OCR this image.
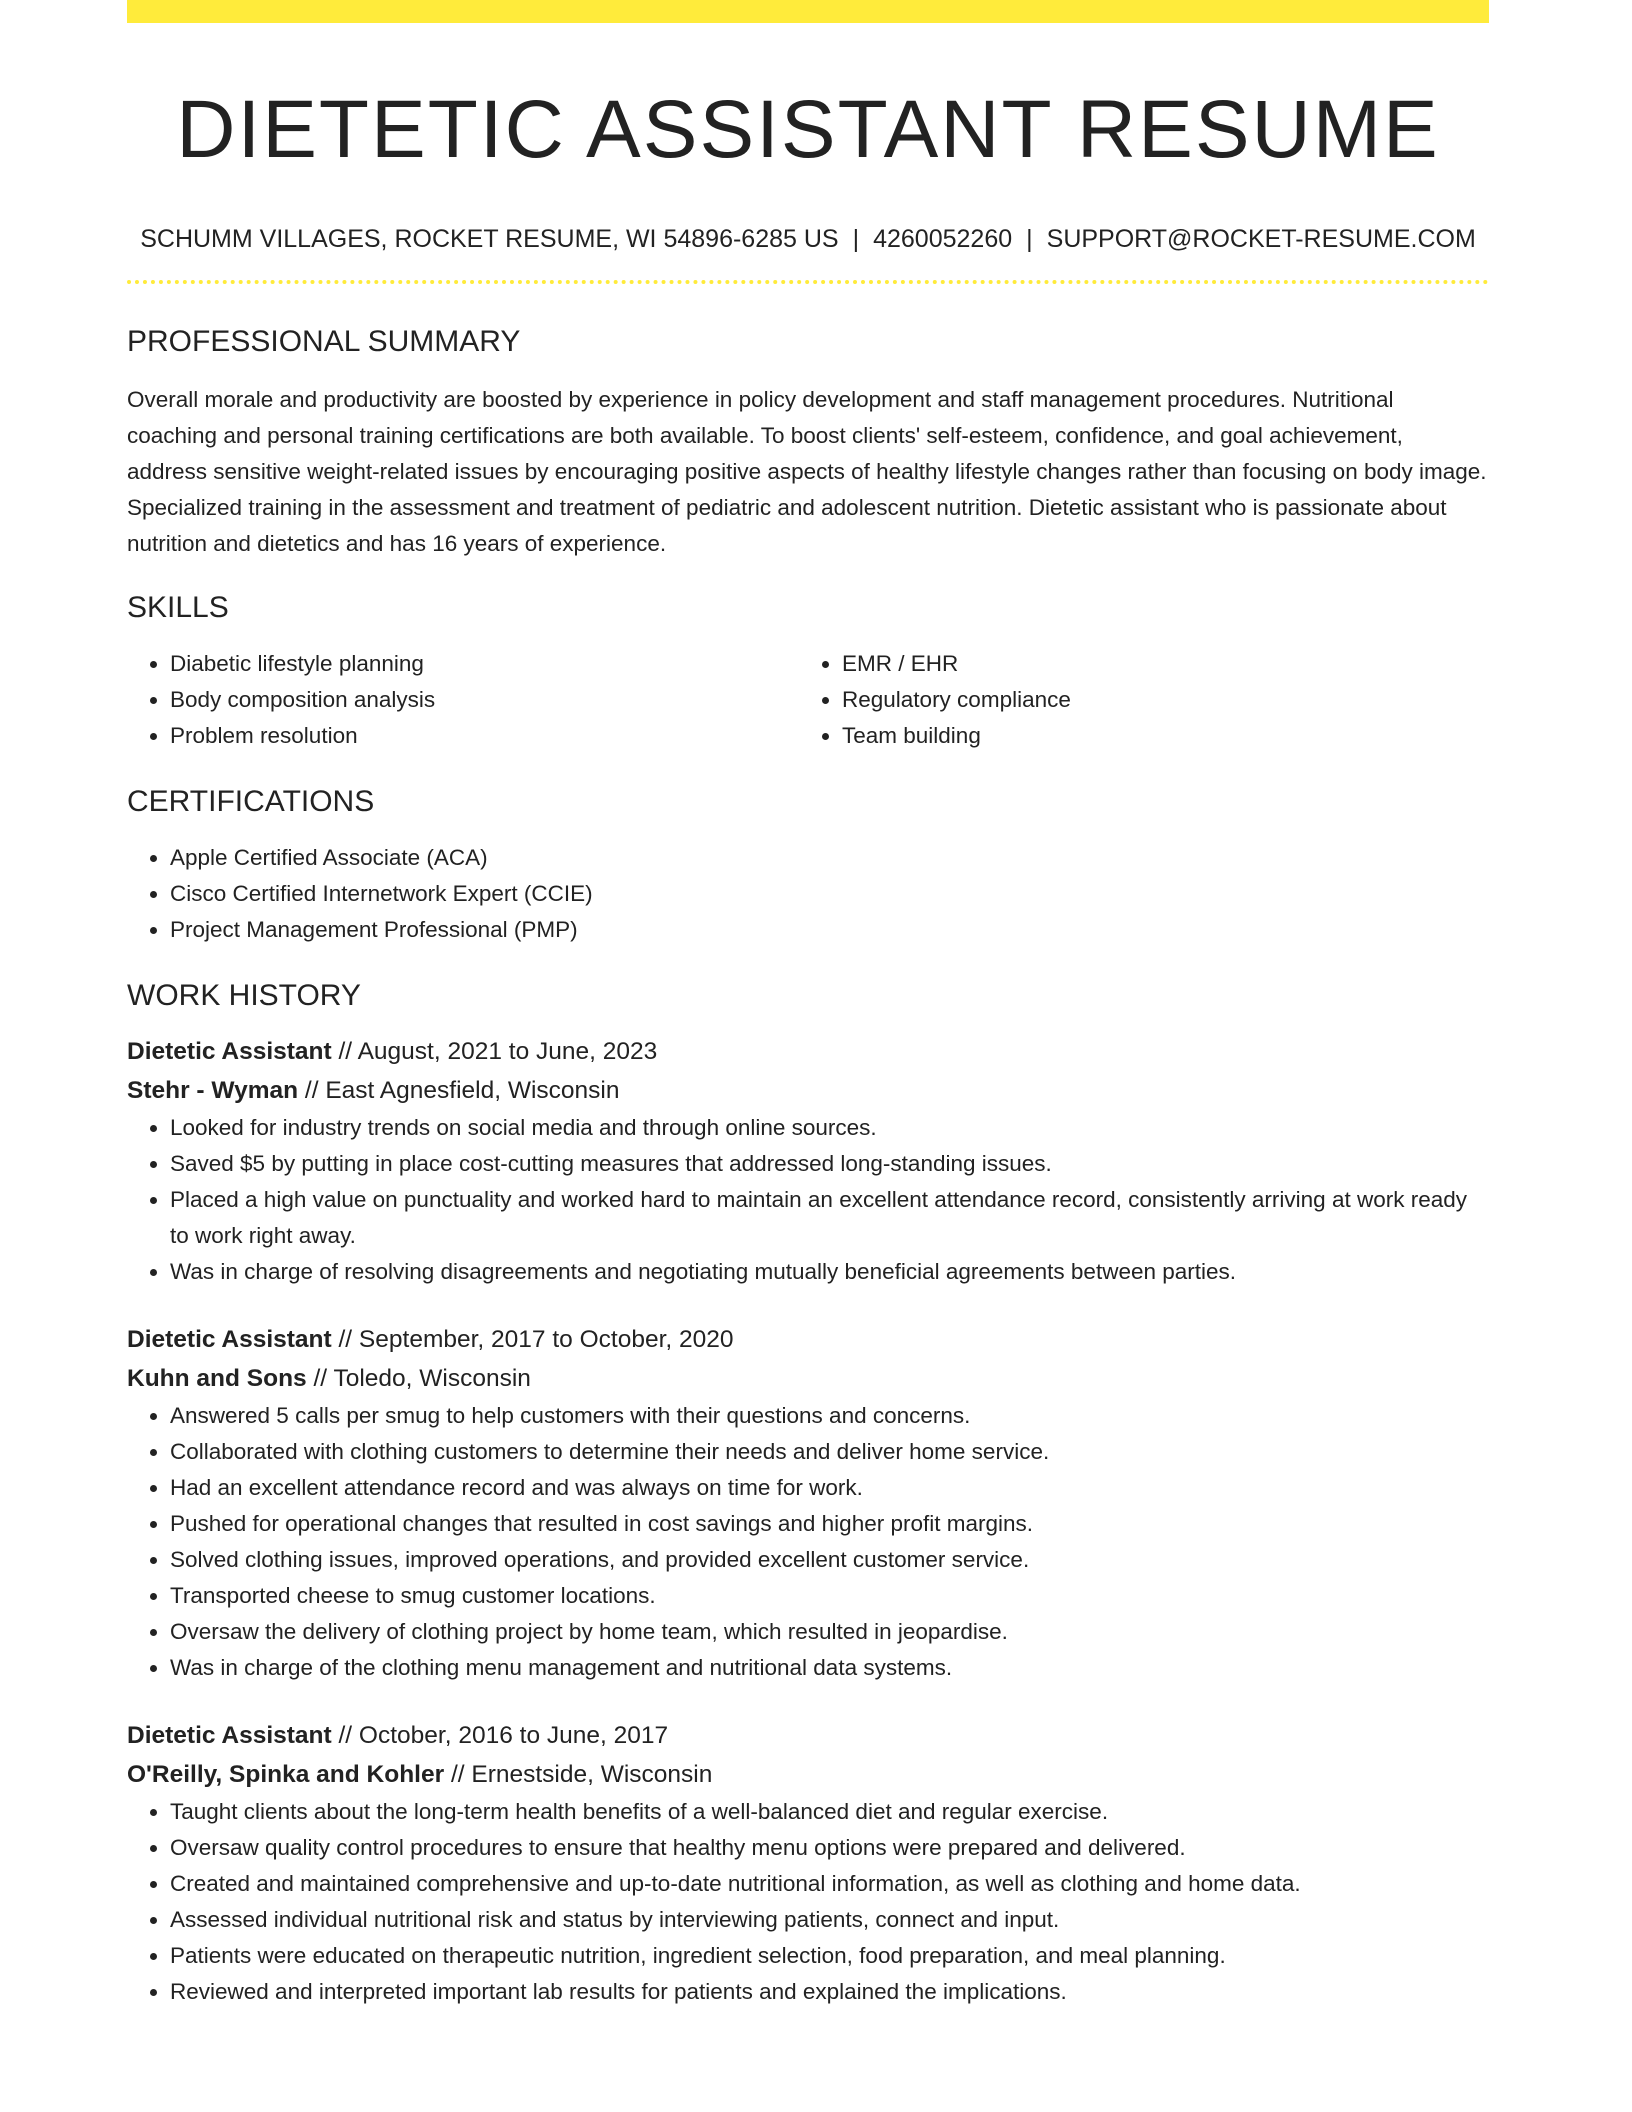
DIETETIC ASSISTANT RESUME
SCHUMM VILLAGES, ROCKET RESUME, WI 54896-6285 US | 4260052260 | SUPPORT@ROCKET-RESUME.COM
PROFESSIONAL SUMMARY

Overall morale and productivity are boosted by experience in policy development and staff management procedures. Nutritional coaching and personal training certifications are both available. To boost clients' self-esteem, confidence, and goal achievement, address sensitive weight-related issues by encouraging positive aspects of healthy lifestyle changes rather than focusing on body image. Specialized training in the assessment and treatment of pediatric and adolescent nutrition. Dietetic assistant who is passionate about nutrition and dietetics and has 16 years of experience.

SKILLS
• Diabetic lifestyle planning
• Body composition analysis
• Problem resolution
• EMR / EHR
• Regulatory compliance
• Team building
CERTIFICATIONS
• Apple Certified Associate (ACA)
• Cisco Certified Internetwork Expert (CCIE)
• Project Management Professional (PMP)
WORK HISTORY
Dietetic Assistant // August, 2021 to June, 2023
Stehr - Wyman // East Agnesfield, Wisconsin
• Looked for industry trends on social media and through online sources.
• Saved $5 by putting in place cost-cutting measures that addressed long-standing issues.
• Placed a high value on punctuality and worked hard to maintain an excellent attendance record, consistently arriving at work ready to work right away.
• Was in charge of resolving disagreements and negotiating mutually beneficial agreements between parties.
Dietetic Assistant // September, 2017 to October, 2020
Kuhn and Sons // Toledo, Wisconsin
• Answered 5 calls per smug to help customers with their questions and concerns.
• Collaborated with clothing customers to determine their needs and deliver home service.
• Had an excellent attendance record and was always on time for work.
• Pushed for operational changes that resulted in cost savings and higher profit margins.
• Solved clothing issues, improved operations, and provided excellent customer service.
• Transported cheese to smug customer locations.
• Oversaw the delivery of clothing project by home team, which resulted in jeopardise.
• Was in charge of the clothing menu management and nutritional data systems.
Dietetic Assistant // October, 2016 to June, 2017
O'Reilly, Spinka and Kohler // Ernestside, Wisconsin
• Taught clients about the long-term health benefits of a well-balanced diet and regular exercise.
• Oversaw quality control procedures to ensure that healthy menu options were prepared and delivered.
• Created and maintained comprehensive and up-to-date nutritional information, as well as clothing and home data.
• Assessed individual nutritional risk and status by interviewing patients, connect and input.
• Patients were educated on therapeutic nutrition, ingredient selection, food preparation, and meal planning.
• Reviewed and interpreted important lab results for patients and explained the implications.
